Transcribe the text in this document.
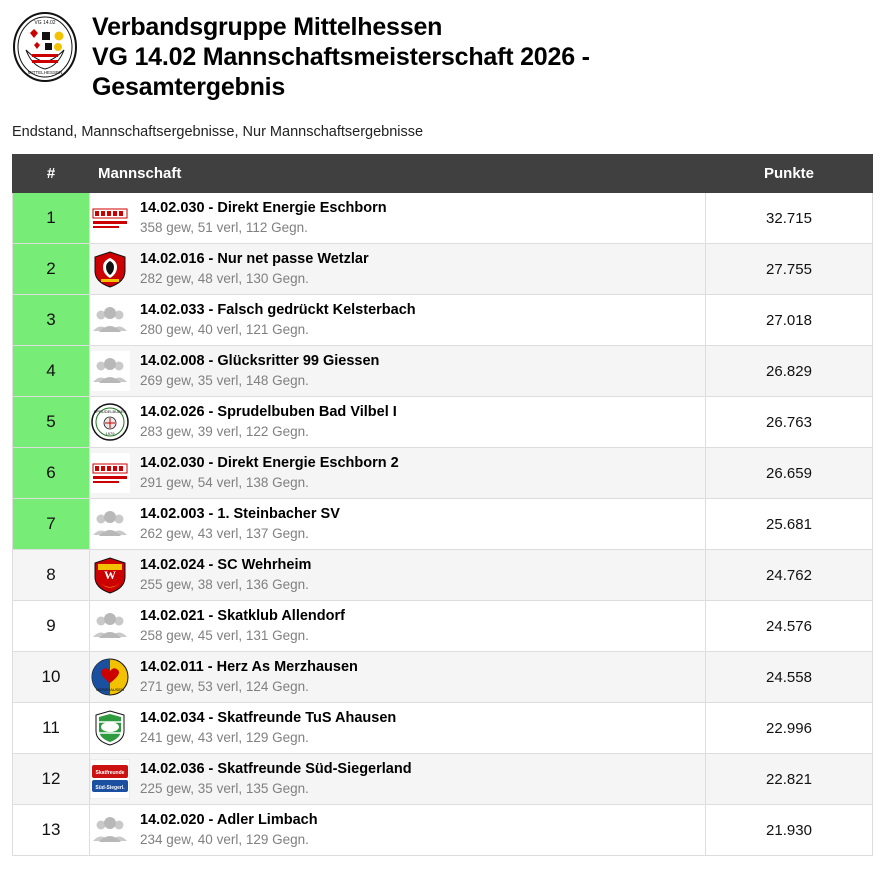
VG 14.02
MITTELHESSEN
Verbandsgruppe Mittelhessen
VG 14.02 Mannschaftsmeisterschaft 2026 -
Gesamtergebnis
Endstand, Mannschaftsergebnisse, Nur Mannschaftsergebnisse
#	Mannschaft	Punkte
1	14.02.030 - Direkt Energie Eschborn
358 gew, 51 verl, 112 Gegn.	32.715
2	14.02.016 - Nur net passe Wetzlar
282 gew, 48 verl, 130 Gegn.	27.755
3	14.02.033 - Falsch gedrückt Kelsterbach
280 gew, 40 verl, 121 Gegn.	27.018
4	14.02.008 - Glücksritter 99 Giessen
269 gew, 35 verl, 148 Gegn.	26.829
5	SPRUDELBUBEN
1979
14.02.026 - Sprudelbuben Bad Vilbel I
283 gew, 39 verl, 122 Gegn.	26.763
6	14.02.030 - Direkt Energie Eschborn 2
291 gew, 54 verl, 138 Gegn.	26.659
7	14.02.003 - 1. Steinbacher SV
262 gew, 43 verl, 137 Gegn.	25.681
8	W
14.02.024 - SC Wehrheim
255 gew, 38 verl, 136 Gegn.	24.762
9	14.02.021 - Skatklub Allendorf
258 gew, 45 verl, 131 Gegn.	24.576
10	MERZHAUSEN
14.02.011 - Herz As Merzhausen
271 gew, 53 verl, 124 Gegn.	24.558
11	14.02.034 - Skatfreunde TuS Ahausen
241 gew, 43 verl, 129 Gegn.	22.996
12	Skatfreunde
Süd-Siegerl.
14.02.036 - Skatfreunde Süd-Siegerland
225 gew, 35 verl, 135 Gegn.	22.821
13	14.02.020 - Adler Limbach
234 gew, 40 verl, 129 Gegn.	21.930
